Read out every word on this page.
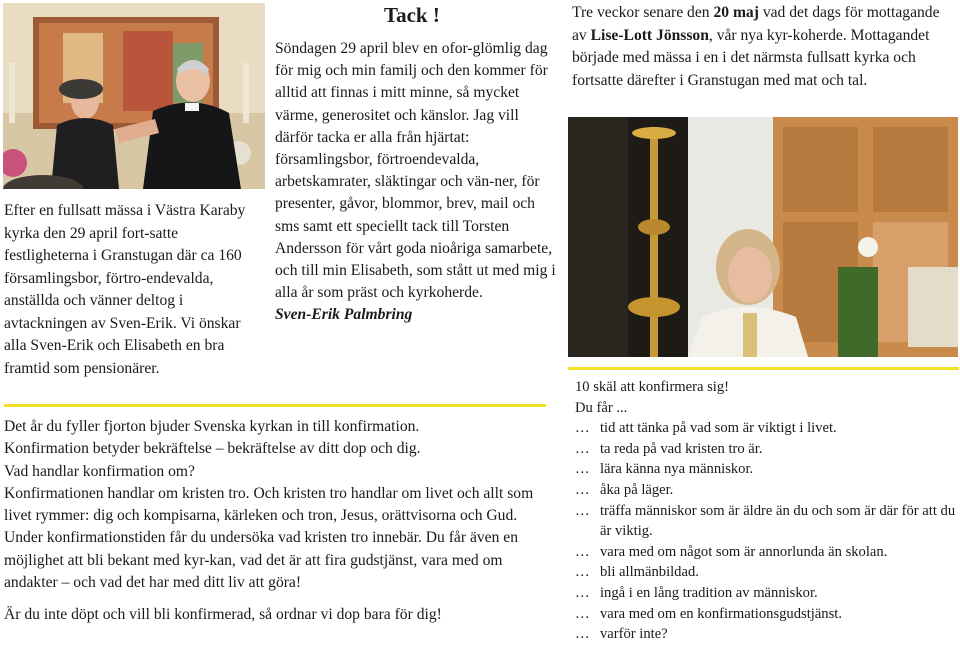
Efter en fullsatt mässa i Västra Karaby kyrka den 29 april fort-satte festligheterna i Granstugan där ca 160 församlingsbor, förtro-endevalda, anställda och vänner deltog i avtackningen av Sven-Erik. Vi önskar alla Sven-Erik och Elisabeth en bra framtid som pensionärer.

Tack !

Söndagen 29 april blev en ofor-glömlig dag för mig och min familj och den kommer för alltid att finnas i mitt minne, så mycket värme, generositet och känslor. Jag vill därför tacka er alla från hjärtat: församlingsbor, förtroendevalda, arbetskamrater, släktingar och vän-ner, för presenter, gåvor, blommor, brev, mail och sms samt ett speciellt tack till Torsten Andersson för vårt goda nioåriga samarbete, och till min Elisabeth, som stått ut med mig i alla år som präst och kyrkoherde.

Sven-Erik Palmbring

Tre veckor senare den 20 maj vad det dags för mottagande av Lise-Lott Jönsson, vår nya kyr-koherde. Mottagandet började med mässa i en i det närmsta fullsatt kyrka och fortsatte därefter i Granstugan med mat och tal.

Det år du fyller fjorton bjuder Svenska kyrkan in till konfirmation.

Konfirmation betyder bekräftelse – bekräftelse av ditt dop och dig.

Vad handlar konfirmation om?

Konfirmationen handlar om kristen tro. Och kristen tro handlar om livet och allt som livet rymmer: dig och kompisarna, kärleken och tron, Jesus, orättvisorna och Gud. Under konfirmationstiden får du undersöka vad kristen tro innebär. Du får även en möjlighet att bli bekant med kyr-kan, vad det är att fira gudstjänst, vara med om andakter – och vad det har med ditt liv att göra!

Är du inte döpt och vill bli konfirmerad, så ordnar vi dop bara för dig!

10 skäl att konfirmera sig!

Du får ...

… tid att tänka på vad som är viktigt i livet.
… ta reda på vad kristen tro är.
… lära känna nya människor.
… åka på läger.
… träffa människor som är äldre än du och som är där för att du är viktig.
… vara med om något som är annorlunda än skolan.
… bli allmänbildad.
… ingå i en lång tradition av människor.
… vara med om en konfirmationsgudstjänst.
… varför inte?
